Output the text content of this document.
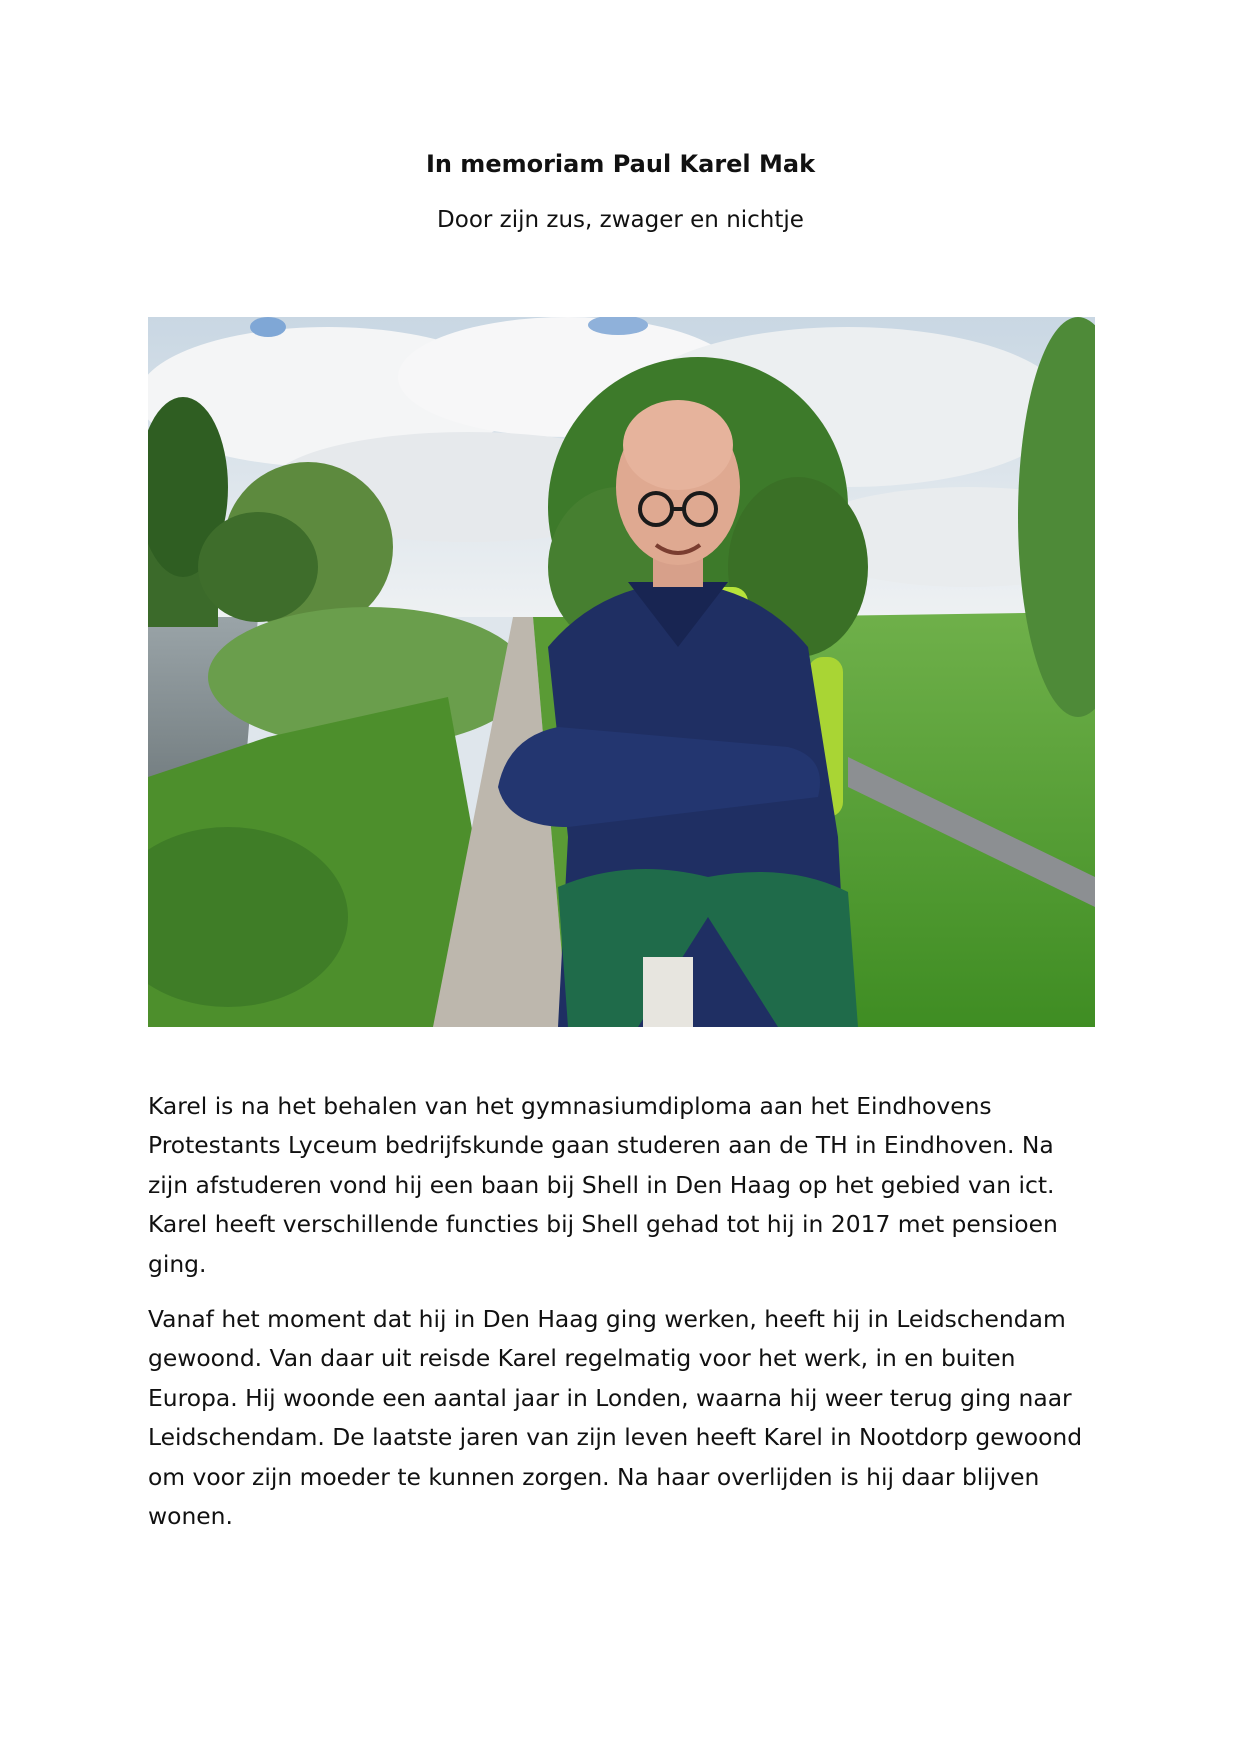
In memoriam Paul Karel Mak

Door zijn zus, zwager en nichtje

Karel is na het behalen van het gymnasiumdiploma aan het Eindhovens Protestants Lyceum bedrijfskunde gaan studeren aan de TH in Eindhoven. Na zijn afstuderen vond hij een baan bij Shell in Den Haag op het gebied van ict. Karel heeft verschillende functies bij Shell gehad tot hij in 2017 met pensioen ging.

Vanaf het moment dat hij in Den Haag ging werken, heeft hij in Leidschendam gewoond. Van daar uit reisde Karel regelmatig voor het werk, in en buiten Europa. Hij woonde een aantal jaar in Londen, waarna hij weer terug ging naar Leidschendam. De laatste jaren van zijn leven heeft Karel in Nootdorp gewoond om voor zijn moeder te kunnen zorgen. Na haar overlijden is hij daar blijven wonen.
